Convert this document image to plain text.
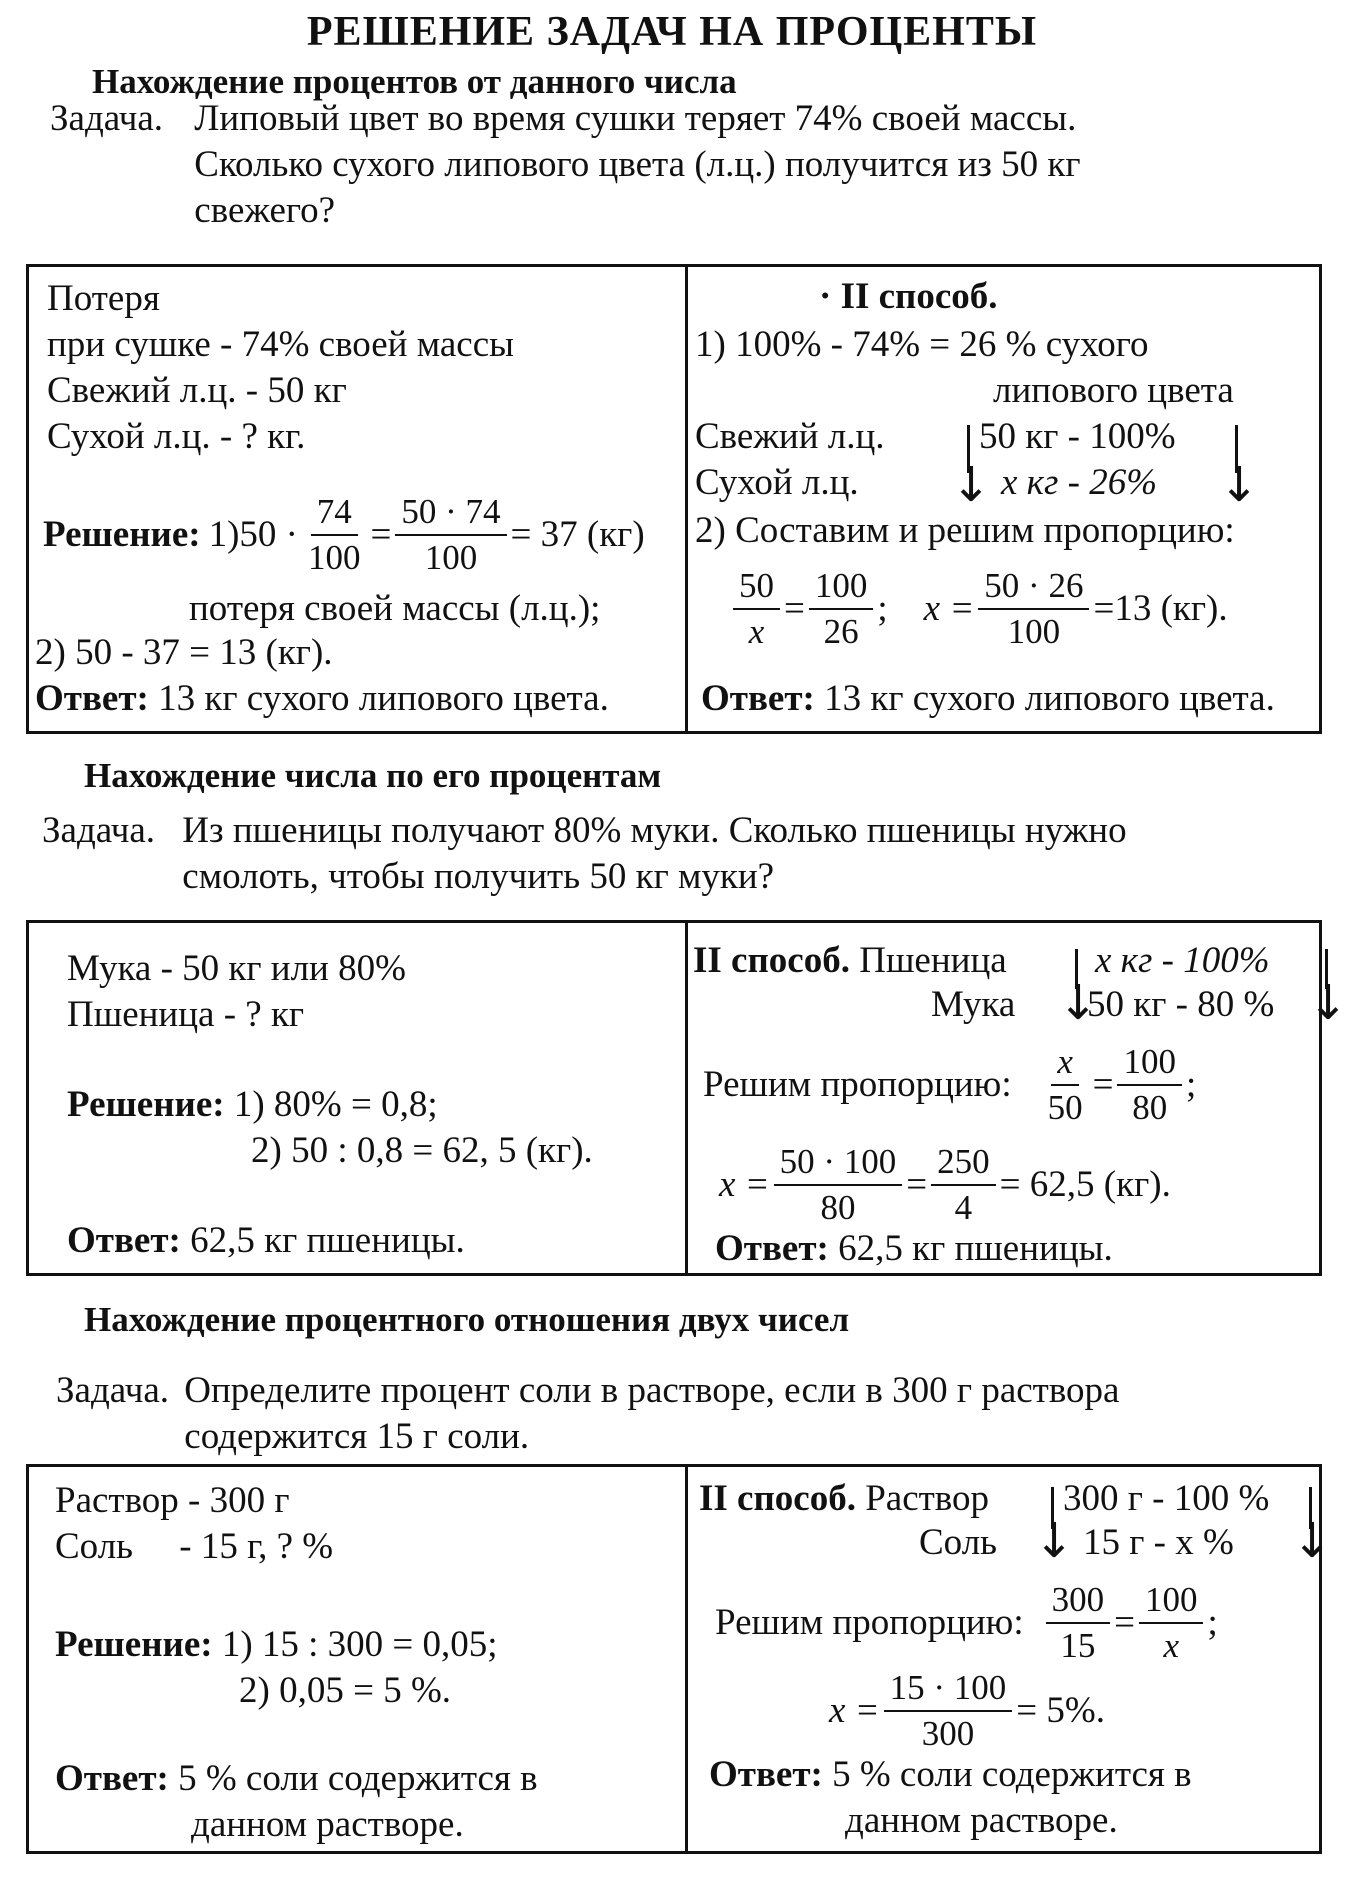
РЕШЕНИЕ ЗАДАЧ НА ПРОЦЕНТЫ
Нахождение процентов от данного числа
Задача. Липовый цвет во время сушки теряет 74% своей массы.
Сколько сухого липового цвета (л.ц.) получится из 50 кг
свежего?
Потеря
при сушке - 74% своей массы
Свежий л.ц. - 50 кг
Сухой л.ц. - ? кг.
Решение: $1)50 \cdot \frac{74}{100} = \frac{50 \cdot 74}{100} = 37$ (кг)
потеря своей массы (л.ц.);
2) 50 - 37 = 13 (кг).
Ответ: 13 кг сухого липового цвета.
· II способ.
1) 100% - 74% = 26 % сухого
липового цвета
Свежий л.ц.	50 кг - 100%
Сухой л.ц.	x кг - 26%
↓	↓
2) Составим и решим пропорцию:
$\frac{50}{x} = \frac{100}{26}$ ; $x = \frac{50 \cdot 26}{100} =13$ (кг).
Ответ: 13 кг сухого липового цвета.
Нахождение числа по его процентам
Задача. Из пшеницы получают 80% муки. Сколько пшеницы нужно
смолоть, чтобы получить 50 кг муки?
Мука - 50 кг или 80%
Пшеница - ? кг
Решение: 1) 80% = 0,8;
2) 50 : 0,8 = 62, 5 (кг).
Ответ: 62,5 кг пшеницы.
II способ. Пшеница x кг - 100%
Мука 50 кг - 80 %
↓	↓
Решим пропорцию: $\frac{x}{50} = \frac{100}{80}$ ;
$x = \frac{50 \cdot 100}{80} = \frac{250}{4} = 62,5$ (кг).
Ответ: 62,5 кг пшеницы.
Нахождение процентного отношения двух чисел
Задача. Определите процент соли в растворе, если в 300 г раствора
содержится 15 г соли.
Раствор - 300 г
Соль     - 15 г, ? %
Решение: 1) 15 : 300 = 0,05;
2) 0,05 = 5 %.
Ответ: 5 % соли содержится в
данном растворе.
II способ. Раствор 300 г - 100 %
Соль 15 г - x %
↓	↓
Решим пропорцию: $\frac{300}{15} = \frac{100}{x}$ ;
$x = \frac{15 \cdot 100}{300} = 5\%$.
Ответ: 5 % соли содержится в
данном растворе.
